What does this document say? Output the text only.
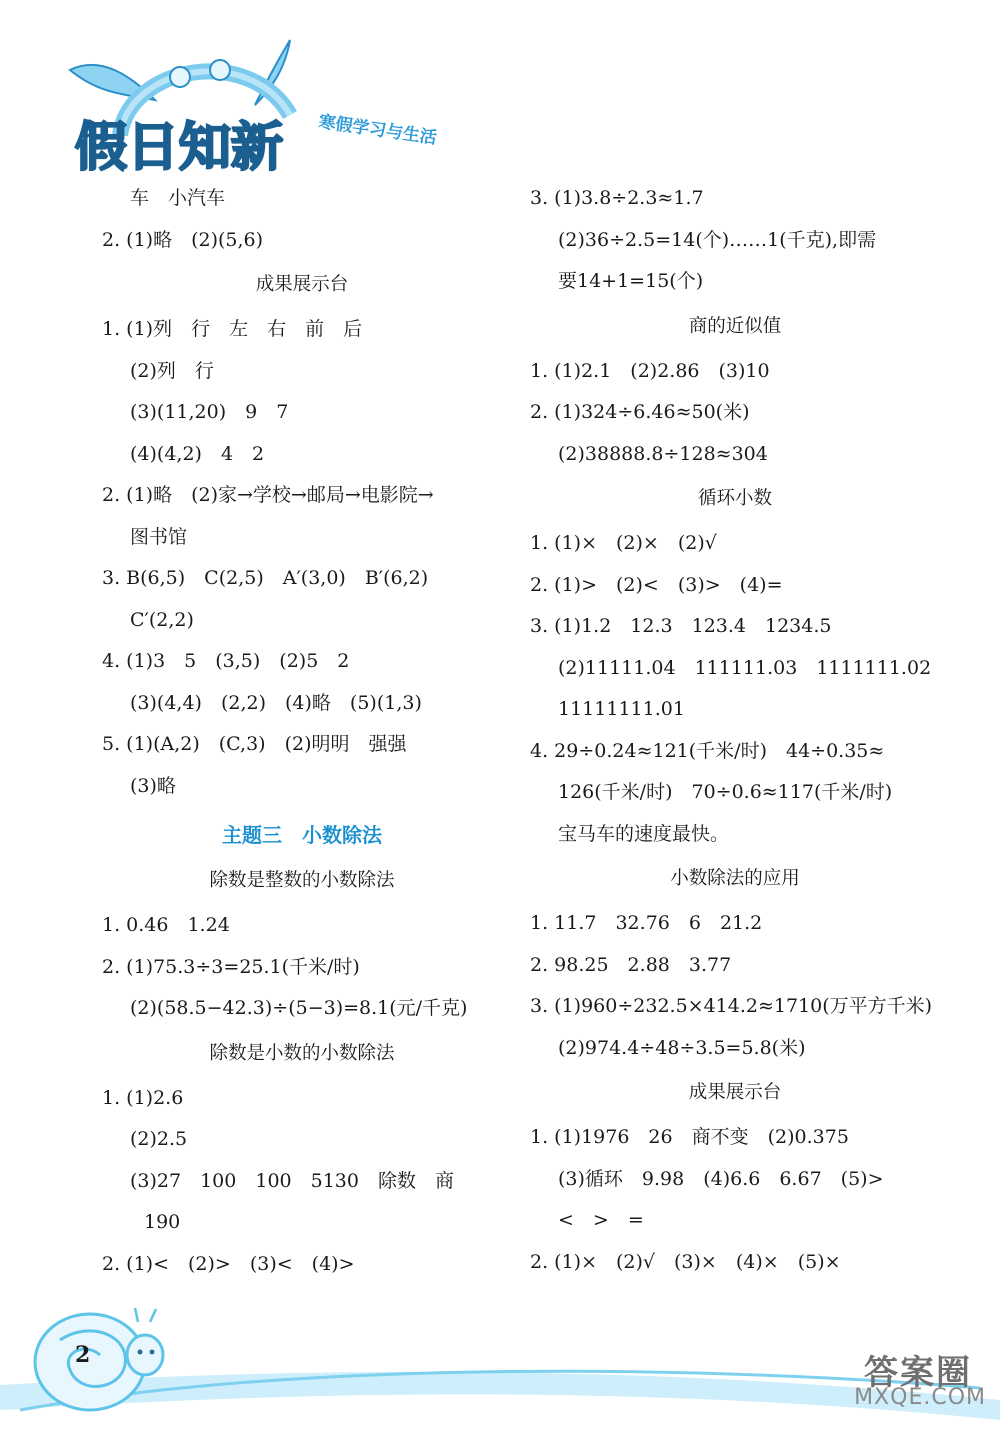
假日知新 寒假学习与生活
车　小汽车
2. (1)略　(2)(5,6)
成果展示台
1. (1)列　行　左　右　前　后
(2)列　行
(3)(11,20)　9　7
(4)(4,2)　4　2
2. (1)略　(2)家→学校→邮局→电影院→
图书馆
3. B(6,5)　C(2,5)　A′(3,0)　B′(6,2)
C′(2,2)
4. (1)3　5　(3,5)　(2)5　2
(3)(4,4)　(2,2)　(4)略　(5)(1,3)
5. (1)(A,2)　(C,3)　(2)明明　强强
(3)略
主题三　小数除法
除数是整数的小数除法
1. 0.46　1.24
2. (1)75.3÷3=25.1(千米/时)
(2)(58.5−42.3)÷(5−3)=8.1(元/千克)
除数是小数的小数除法
1. (1)2.6
(2)2.5
(3)27　100　100　5130　除数　商
190
2. (1)<　(2)>　(3)<　(4)>
3. (1)3.8÷2.3≈1.7
(2)36÷2.5=14(个)……1(千克),即需
要14+1=15(个)
商的近似值
1. (1)2.1　(2)2.86　(3)10
2. (1)324÷6.46≈50(米)
(2)38888.8÷128≈304
循环小数
1. (1)×　(2)×　(2)√
2. (1)>　(2)<　(3)>　(4)=
3. (1)1.2　12.3　123.4　1234.5
(2)11111.04　111111.03　1111111.02
11111111.01
4. 29÷0.24≈121(千米/时)　44÷0.35≈
126(千米/时)　70÷0.6≈117(千米/时)
宝马车的速度最快。
小数除法的应用
1. 11.7　32.76　6　21.2
2. 98.25　2.88　3.77
3. (1)960÷232.5×414.2≈1710(万平方千米)
(2)974.4÷48÷3.5=5.8(米)
成果展示台
1. (1)1976　26　商不变　(2)0.375
(3)循环　9.98　(4)6.6　6.67　(5)>
<　>　=
2. (1)×　(2)√　(3)×　(4)×　(5)×
2	答案圈
MXQE.COM
